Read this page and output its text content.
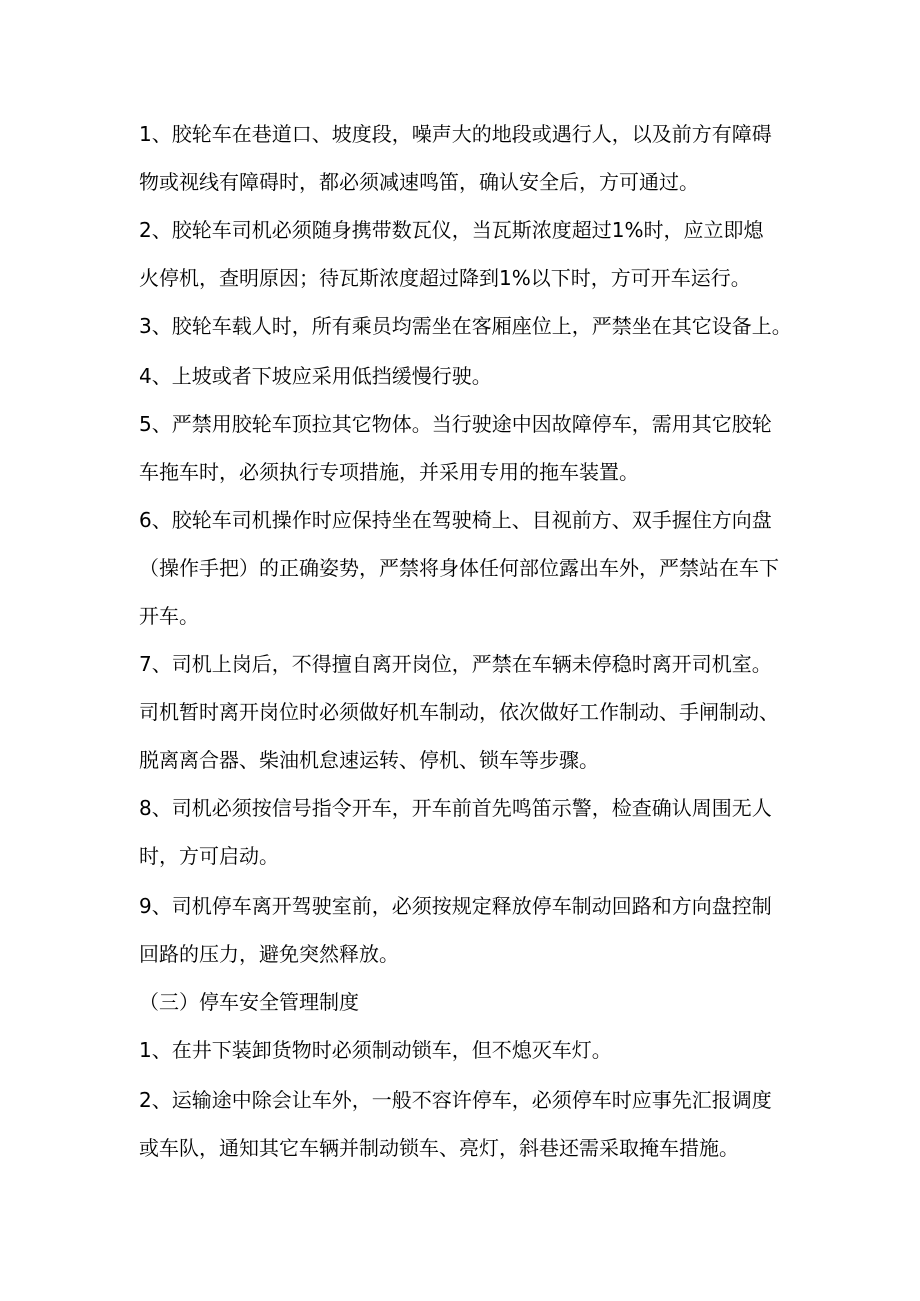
1、胶轮车在巷道口、坡度段，噪声大的地段或遇行人，以及前方有障碍
物或视线有障碍时，都必须减速鸣笛，确认安全后，方可通过。
2、胶轮车司机必须随身携带数瓦仪，当瓦斯浓度超过1%时，应立即熄
火停机，查明原因；待瓦斯浓度超过降到1%以下时，方可开车运行。
3、胶轮车载人时，所有乘员均需坐在客厢座位上，严禁坐在其它设备上。
4、上坡或者下坡应采用低挡缓慢行驶。
5、严禁用胶轮车顶拉其它物体。当行驶途中因故障停车，需用其它胶轮
车拖车时，必须执行专项措施，并采用专用的拖车装置。
6、胶轮车司机操作时应保持坐在驾驶椅上、目视前方、双手握住方向盘
（操作手把）的正确姿势，严禁将身体任何部位露出车外，严禁站在车下
开车。
7、司机上岗后，不得擅自离开岗位，严禁在车辆未停稳时离开司机室。
司机暂时离开岗位时必须做好机车制动，依次做好工作制动、手闸制动、
脱离离合器、柴油机怠速运转、停机、锁车等步骤。
8、司机必须按信号指令开车，开车前首先鸣笛示警，检查确认周围无人
时，方可启动。
9、司机停车离开驾驶室前，必须按规定释放停车制动回路和方向盘控制
回路的压力，避免突然释放。
（三）停车安全管理制度
1、在井下装卸货物时必须制动锁车，但不熄灭车灯。
2、运输途中除会让车外，一般不容许停车，必须停车时应事先汇报调度
或车队，通知其它车辆并制动锁车、亮灯，斜巷还需采取掩车措施。
